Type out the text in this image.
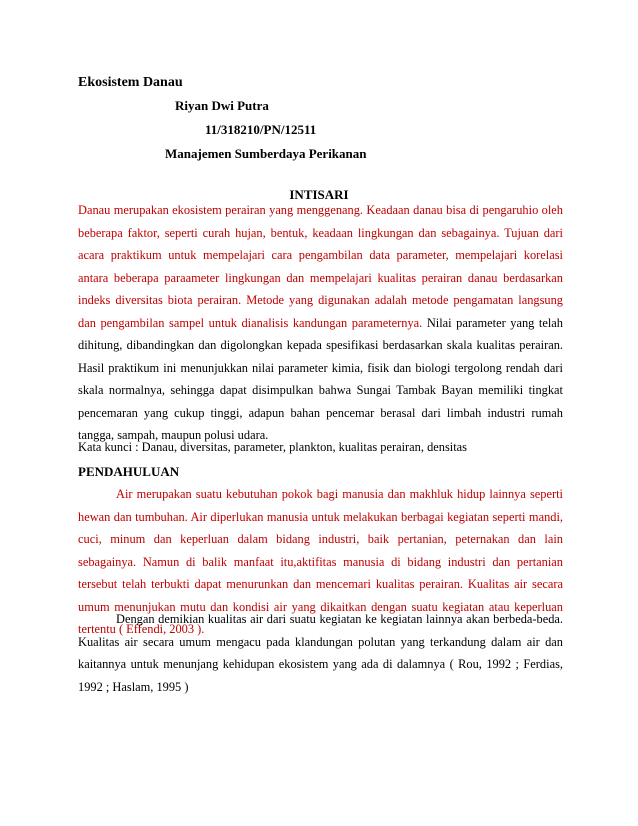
Ekosistem Danau
Riyan Dwi Putra
11/318210/PN/12511
Manajemen Sumberdaya Perikanan
INTISARI
Danau merupakan ekosistem perairan yang menggenang. Keadaan danau bisa di pengaruhio oleh beberapa faktor, seperti curah hujan, bentuk, keadaan lingkungan dan sebagainya. Tujuan dari acara praktikum untuk mempelajari cara pengambilan data parameter, mempelajari korelasi antara beberapa paraameter lingkungan dan mempelajari kualitas perairan danau berdasarkan indeks diversitas biota perairan. Metode yang digunakan adalah metode pengamatan langsung dan pengambilan sampel untuk dianalisis kandungan parameternya. Nilai parameter yang telah dihitung, dibandingkan dan digolongkan kepada spesifikasi berdasarkan skala kualitas perairan. Hasil praktikum ini menunjukkan nilai parameter kimia, fisik dan biologi tergolong rendah dari skala normalnya, sehingga dapat disimpulkan bahwa Sungai Tambak Bayan memiliki tingkat pencemaran yang cukup tinggi, adapun bahan pencemar berasal dari limbah industri rumah tangga, sampah, maupun polusi udara.
Kata kunci : Danau, diversitas, parameter, plankton, kualitas perairan, densitas
PENDAHULUAN
Air merupakan suatu kebutuhan pokok bagi manusia dan makhluk hidup lainnya seperti hewan dan tumbuhan. Air diperlukan manusia untuk melakukan berbagai kegiatan seperti mandi, cuci, minum dan keperluan dalam bidang industri, baik pertanian, peternakan dan lain sebagainya. Namun di balik manfaat itu,aktifitas manusia di bidang industri dan pertanian tersebut telah terbukti dapat menurunkan dan mencemari kualitas perairan. Kualitas air secara umum menunjukan mutu dan kondisi air yang dikaitkan dengan suatu kegiatan atau keperluan tertentu ( Effendi, 2003 ).
Dengan demikian kualitas air dari suatu kegiatan ke kegiatan lainnya akan berbeda-beda. Kualitas air secara umum mengacu pada klandungan polutan yang terkandung dalam air dan kaitannya untuk menunjang kehidupan ekosistem yang ada di dalamnya ( Rou, 1992 ; Ferdias, 1992 ; Haslam, 1995 )
